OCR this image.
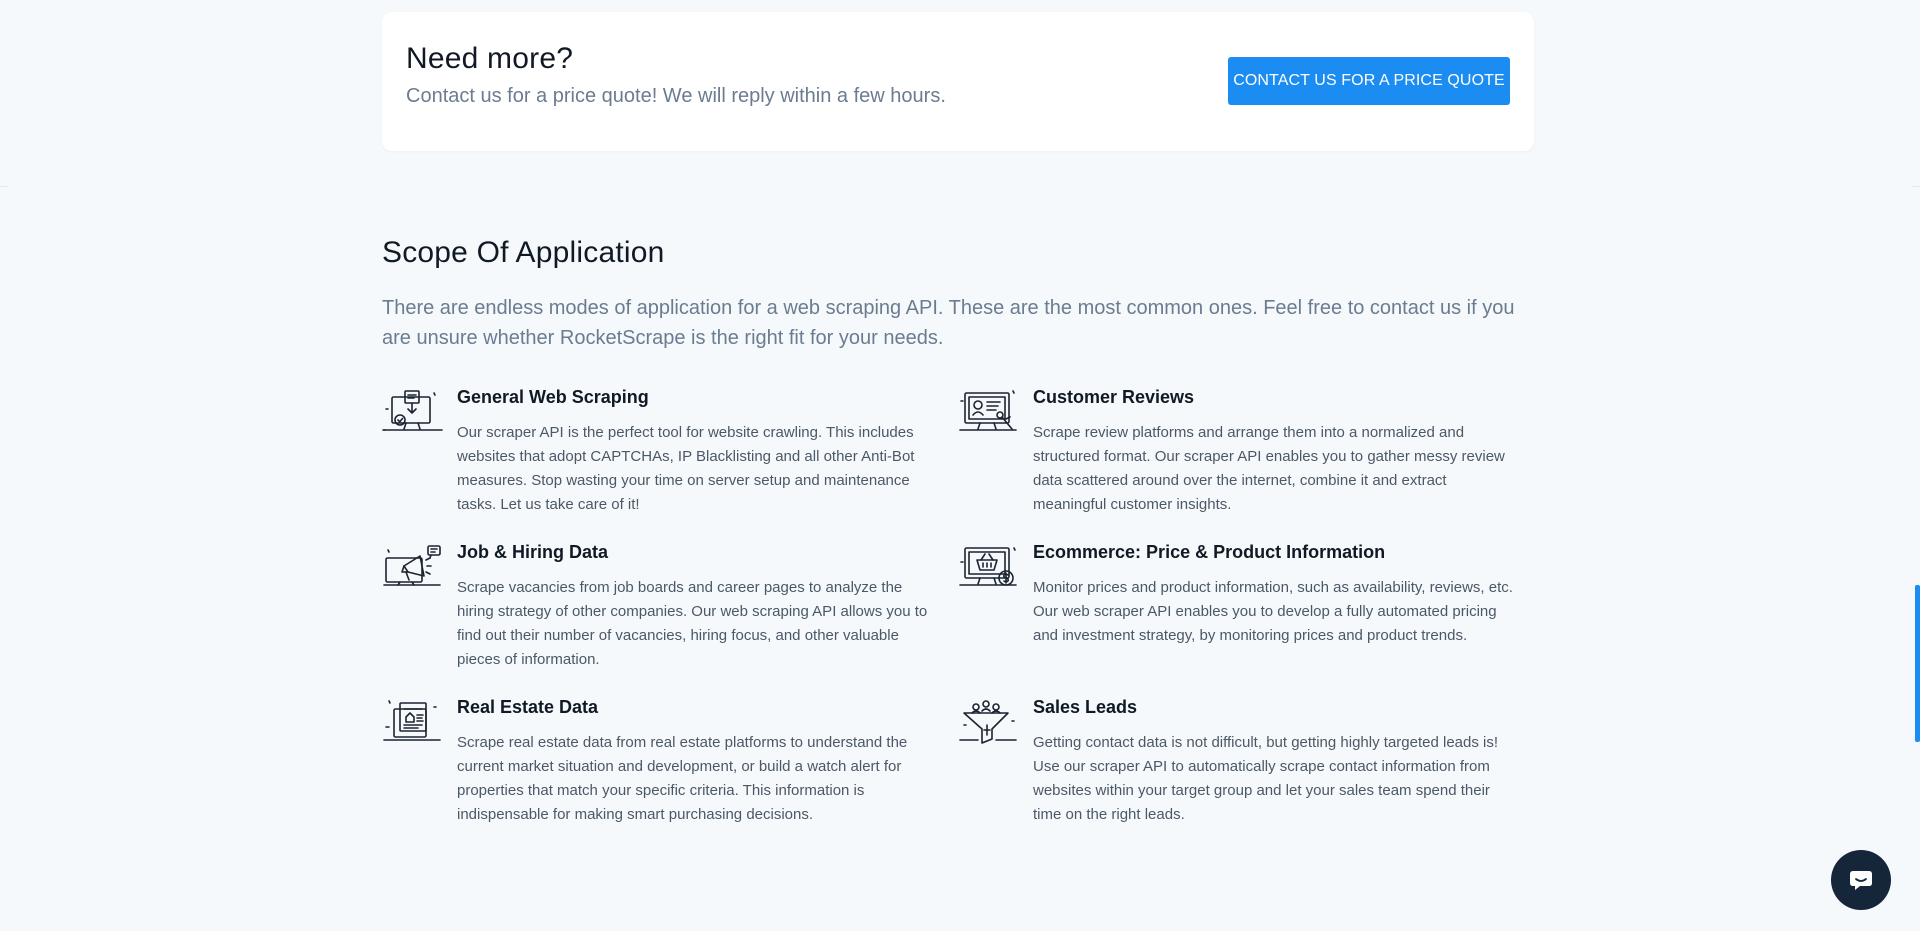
Need more?

Contact us for a price quote! We will reply within a few hours.

CONTACT US FOR A PRICE QUOTE
Scope Of Application

There are endless modes of application for a web scraping API. These are the most common ones. Feel free to contact us if you are unsure whether RocketScrape is the right fit for your needs.

General Web Scraping

Our scraper API is the perfect tool for website crawling. This includes websites that adopt CAPTCHAs, IP Blacklisting and all other Anti-Bot measures. Stop wasting your time on server setup and maintenance tasks. Let us take care of it!

Customer Reviews

Scrape review platforms and arrange them into a normalized and structured format. Our scraper API enables you to gather messy review data scattered around over the internet, combine it and extract meaningful customer insights.

Job & Hiring Data

Scrape vacancies from job boards and career pages to analyze the hiring strategy of other companies. Our web scraping API allows you to find out their number of vacancies, hiring focus, and other valuable pieces of information.

Ecommerce: Price & Product Information

Monitor prices and product information, such as availability, reviews, etc. Our web scraper API enables you to develop a fully automated pricing and investment strategy, by monitoring prices and product trends.

Real Estate Data

Scrape real estate data from real estate platforms to understand the current market situation and development, or build a watch alert for properties that match your specific criteria. This information is indispensable for making smart purchasing decisions.

Sales Leads

Getting contact data is not difficult, but getting highly targeted leads is! Use our scraper API to automatically scrape contact information from websites within your target group and let your sales team spend their time on the right leads.
